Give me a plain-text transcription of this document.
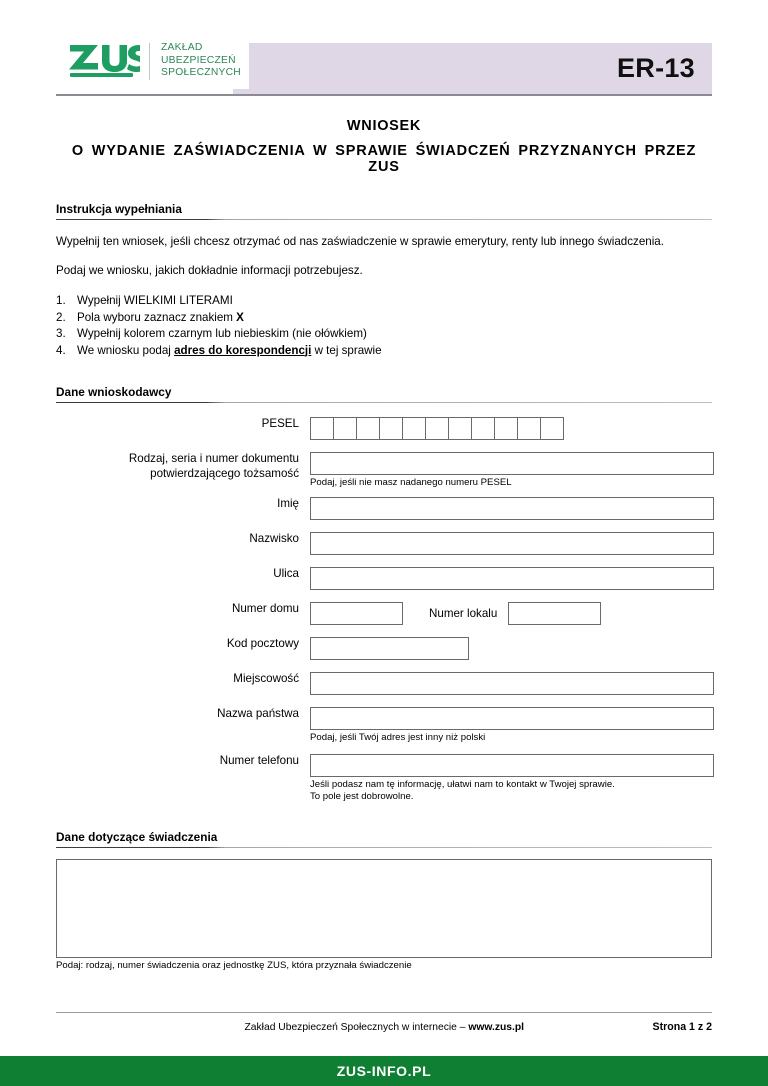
ZAKŁAD
UBEZPIECZEŃ
SPOŁECZNYCH	ER-13
WNIOSEK
O WYDANIE ZAŚWIADCZENIA W SPRAWIE ŚWIADCZEŃ PRZYZNANYCH PRZEZ ZUS
Instrukcja wypełniania
Wypełnij ten wniosek, jeśli chcesz otrzymać od nas zaświadczenie w sprawie emerytury, renty lub innego świadczenia.
Podaj we wniosku, jakich dokładnie informacji potrzebujesz.
1. Wypełnij WIELKIMI LITERAMI
2. Pola wyboru zaznacz znakiem X
3. Wypełnij kolorem czarnym lub niebieskim (nie ołówkiem)
4. We wniosku podaj adres do korespondencji w tej sprawie
Dane wnioskodawcy
PESEL
Rodzaj, seria i numer dokumentu
potwierdzającego tożsamość
Podaj, jeśli nie masz nadanego numeru PESEL
Imię
Nazwisko
Ulica
Numer domu	Numer lokalu
Kod pocztowy
Miejscowość
Nazwa państwa
Podaj, jeśli Twój adres jest inny niż polski
Numer telefonu
Jeśli podasz nam tę informację, ułatwi nam to kontakt w Twojej sprawie.
To pole jest dobrowolne.
Dane dotyczące świadczenia
Podaj: rodzaj, numer świadczenia oraz jednostkę ZUS, która przyznała świadczenie
Zakład Ubezpieczeń Społecznych w internecie – www.zus.pl	Strona 1 z 2
ZUS-INFO.PL
